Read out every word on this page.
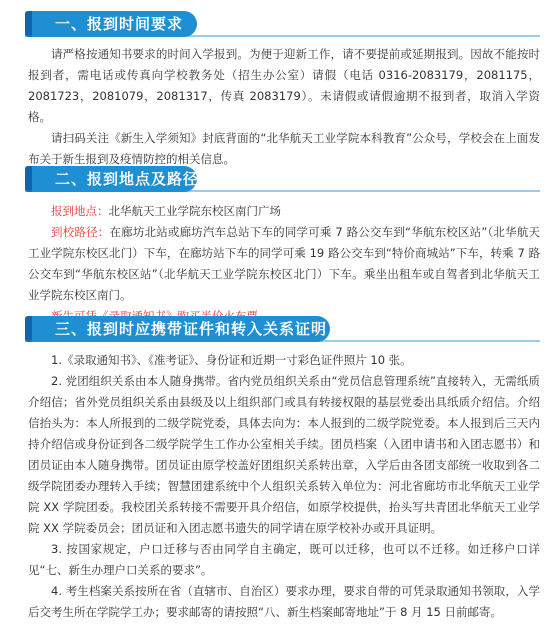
一、报到时间要求

请严格按通知书要求的时间入学报到。为便于迎新工作，请不要提前或延期报到。因故不能按时报到者，需电话或传真向学校教务处（招生办公室）请假（电话 0316-2083179，2081175，2081723，2081079，2081317，传真 2083179）。未请假或请假逾期不报到者，取消入学资格。

请扫码关注《新生入学须知》封底背面的“北华航天工业学院本科教育”公众号，学校会在上面发布关于新生报到及疫情防控的相关信息。

二、报到地点及路径

报到地点：北华航天工业学院东校区南门广场

到校路径：在廊坊北站或廊坊汽车总站下车的同学可乘 7 路公交车到“华航东校区站”（北华航天工业学院东校区北门）下车，在廊坊站下车的同学可乘 19 路公交车到“特价商城站”下车，转乘 7 路公交车到“华航东校区站”（北华航天工业学院东校区北门）下车。乘坐出租车或自驾者到北华航天工业学院东校区南门。

三、报到时应携带证件和转入关系证明

1.《录取通知书》、《准考证》、身份证和近期一寸彩色证件照片 10 张。

2. 党团组织关系由本人随身携带。省内党员组织关系由“党员信息管理系统”直接转入，无需纸质介绍信；省外党员组织关系由县级及以上组织部门或具有转接权限的基层党委出具纸质介绍信。介绍信抬头为：本人所报到的二级学院党委，具体去向为：本人报到的二级学院党委。本人报到后三天内持介绍信或身份证到各二级学院学生工作办公室相关手续。团员档案（入团申请书和入团志愿书）和团员证由本人随身携带。团员证由原学校盖好团组织关系转出章，入学后由各团支部统一收取到各二级学院团委办理转入手续；智慧团建系统中个人组织关系转入单位为：河北省廊坊市北华航天工业学院 XX 学院团委。我校团关系转接不需要开具介绍信，如原学校提供，抬头写共青团北华航天工业学院 XX 学院委员会；团员证和入团志愿书遗失的同学请在原学校补办或开具证明。

3. 按国家规定，户口迁移与否由同学自主确定，既可以迁移，也可以不迁移。如迁移户口详见“七、新生办理户口关系的要求”。

4. 考生档案关系按所在省（直辖市、自治区）要求办理，要求自带的可凭录取通知书领取，入学后交考生所在学院学工办；要求邮寄的请按照“八、新生档案邮寄地址”于 8 月 15 日前邮寄。
